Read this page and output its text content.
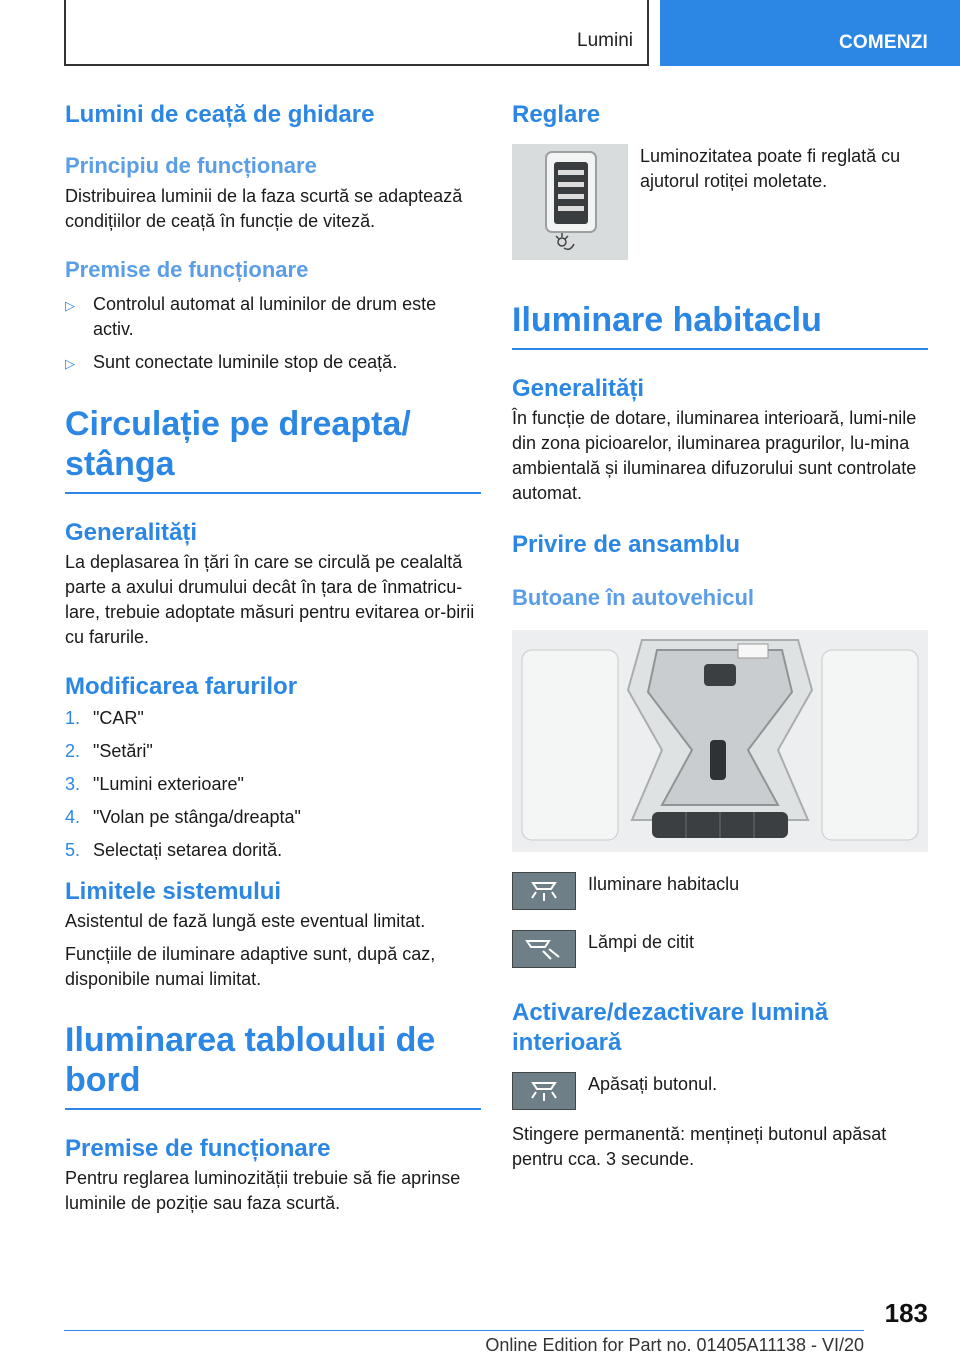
Lumini	COMENZI
Lumini de ceață de ghidare
Principiu de funcționare
Distribuirea luminii de la faza scurtă se adaptează condițiilor de ceață în funcție de viteză.
Premise de funcționare
▷	Controlul automat al luminilor de drum este activ.
▷	Sunt conectate luminile stop de ceață.
Circulație pe dreapta/ stânga
Generalități
La deplasarea în țări în care se circulă pe cealaltă parte a axului drumului decât în țara de înmatricu-lare, trebuie adoptate măsuri pentru evitarea or-birii cu farurile.
Modificarea farurilor
1. "CAR"
2. "Setări"
3. "Lumini exterioare"
4. "Volan pe stânga/dreapta"
5. Selectați setarea dorită.
Limitele sistemului
Asistentul de fază lungă este eventual limitat.
Funcțiile de iluminare adaptive sunt, după caz, disponibile numai limitat.
Iluminarea tabloului de bord
Premise de funcționare
Pentru reglarea luminozității trebuie să fie aprinse luminile de poziție sau faza scurtă.
Reglare
Luminozitatea poate fi reglată cu ajutorul rotiței moletate.
Iluminare habitaclu
Generalități
În funcție de dotare, iluminarea interioară, lumi-nile din zona picioarelor, iluminarea pragurilor, lu-mina ambientală și iluminarea difuzorului sunt controlate automat.
Privire de ansamblu
Butoane în autovehicul
Iluminare habitaclu
Lămpi de citit
Activare/dezactivare lumină interioară
Apăsați butonul.
Stingere permanentă: mențineți butonul apăsat pentru cca. 3 secunde.
183
Online Edition for Part no. 01405A11138 - VI/20
